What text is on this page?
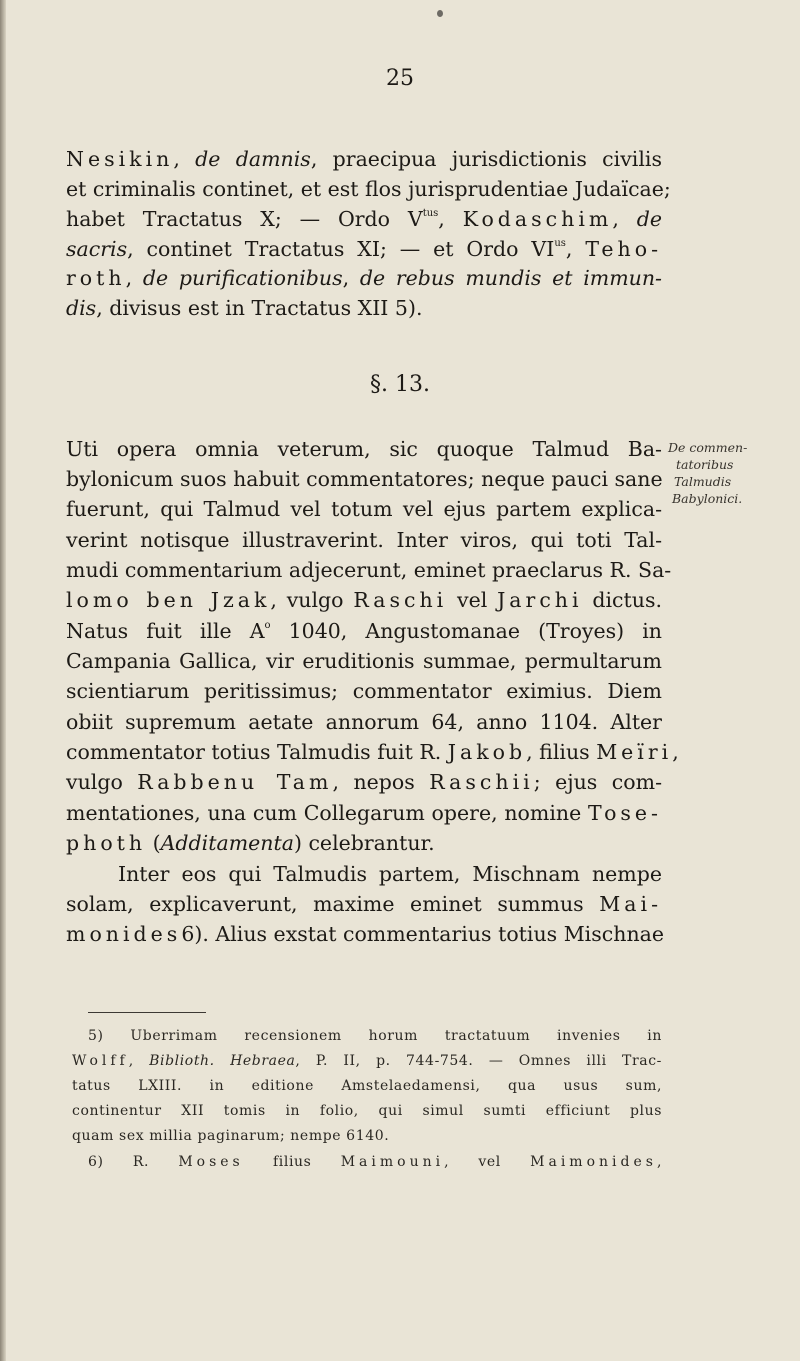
25
Nesikin, de damnis, praecipua jurisdictionis civilis
et criminalis continet, et est flos jurisprudentiae Judaïcae;
habet Tractatus X; — Ordo $V^{tus}$, Kodaschim, de
sacris, continet Tractatus XI; — et Ordo $VI^{us}$, Teho-
roth, de purificationibus, de rebus mundis et immun-
dis, divisus est in Tractatus XII 5).
§. 13.
Uti opera omnia veterum, sic quoque Talmud Ba-
bylonicum suos habuit commentatores; neque pauci sane
fuerunt, qui Talmud vel totum vel ejus partem explica-
verint notisque illustraverint. Inter viros, qui toti Tal-
mudi commentarium adjecerunt, eminet praeclarus R. Sa-
lomo ben Jzak, vulgo Raschi vel Jarchi dictus.
Natus fuit ille $A^o$ 1040, Angustomanae (Troyes) in
Campania Gallica, vir eruditionis summae, permultarum
scientiarum peritissimus; commentator eximius. Diem
obiit supremum aetate annorum 64, anno 1104. Alter
commentator totius Talmudis fuit R. Jakob, filius Meïri,
vulgo Rabbenu Tam, nepos Raschii; ejus com-
mentationes, una cum Collegarum opere, nomine Tose-
photh (Additamenta) celebrantur.
Inter eos qui Talmudis partem, Mischnam nempe
solam, explicaverunt, maxime eminet summus Mai-
monides6). Alius exstat commentarius totius Mischnae
De commen-
tatoribus
Talmudis
Babylonici.
5) Uberrimam recensionem horum tractatuum invenies in
Wolff, Biblioth. Hebraea, P. II, p. 744-754. — Omnes illi Trac-
tatus LXIII. in editione Amstelaedamensi, qua usus sum,
continentur XII tomis in folio, qui simul sumti efficiunt plus
quam sex millia paginarum; nempe 6140.
6) R. Moses filius Maimouni, vel Maimonides,
